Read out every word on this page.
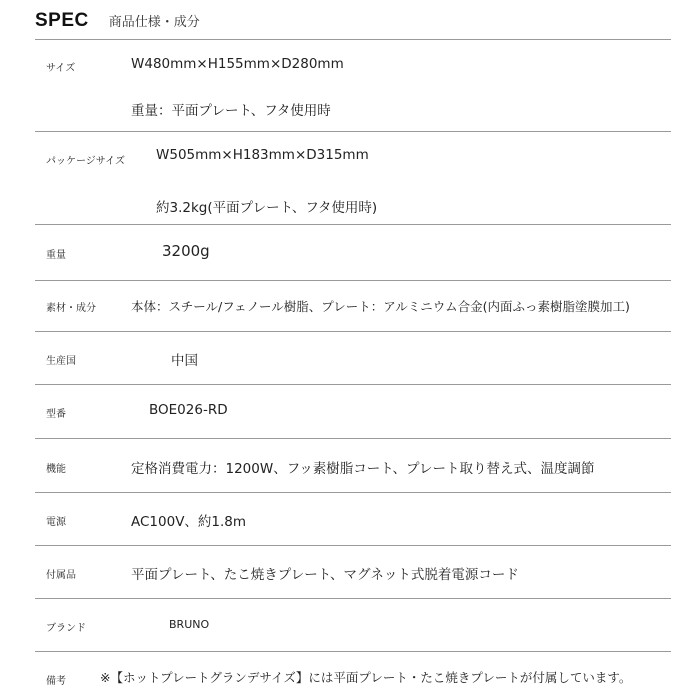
SPEC 商品仕様・成分
サイズ	W480mm×H155mm×D280mm
重量：平面プレート、フタ使用時
パッケージサイズ W505mm×H183mm×D315mm
約3.2kg(平面プレート、フタ使用時)
重量	3200g
素材・成分	本体：スチール/フェノール樹脂、プレート：アルミニウム合金(内面ふっ素樹脂塗膜加工)
生産国	中国
型番	BOE026-RD
機能	定格消費電力：1200W、フッ素樹脂コート、プレート取り替え式、温度調節
電源	AC100V、約1.8m
付属品	平面プレート、たこ焼きプレート、マグネット式脱着電源コード
ブランド	BRUNO
備考	※【ホットプレートグランデサイズ】には平面プレート・たこ焼きプレートが付属しています。
